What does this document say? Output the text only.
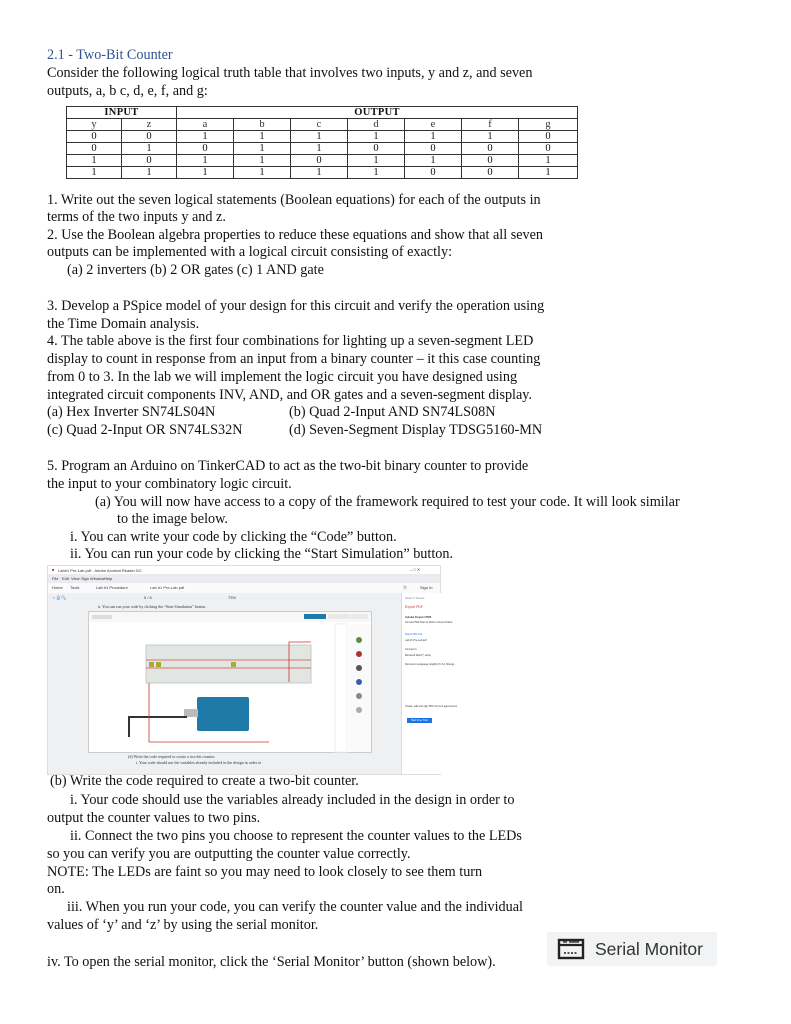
2.1 - Two-Bit Counter
Consider the following logical truth table that involves two inputs, y and z, and seven
outputs, a, b c, d, e, f, and g:
INPUT		OUTPUT						
y	z	a	b	c	d	e	f	g
0	0	1	1	1	1	1	1	0
0	1	0	1	1	0	0	0	0
1	0	1	1	0	1	1	0	1
1	1	1	1	1	1	0	0	1
1. Write out the seven logical statements (Boolean equations) for each of the outputs in
terms of the two inputs y and z.
2. Use the Boolean algebra properties to reduce these equations and show that all seven
outputs can be implemented with a logical circuit consisting of exactly:
(a) 2 inverters (b) 2 OR gates (c) 1 AND gate
3. Develop a PSpice model of your design for this circuit and verify the operation using
the Time Domain analysis.
4. The table above is the first four combinations for lighting up a seven-segment LED
display to count in response from an input from a binary counter – it this case counting
from 0 to 3. In the lab we will implement the logic circuit you have designed using
integrated circuit components INV, AND, and OR gates and a seven-segment display.
(a) Hex Inverter SN74LS04N	(b) Quad 2-Input AND SN74LS08N
(c) Quad 2-Input OR SN74LS32N	(d) Seven-Segment Display TDSG5160-MN
5. Program an Arduino on TinkerCAD to act as the two-bit binary counter to provide
the input to your combinatory logic circuit.
(a) You will now have access to a copy of the framework required to test your code. It will look similar
to the image below.
i. You can write your code by clicking the “Code” button.
ii. You can run your code by clicking the “Start Simulation” button.
■ Lab#1 Pre-Lab.pdf - Adobe Acrobat Reader DC	– □ ✕
File Edit View Sign Window Help
Home Tools	Lab #1 Procedure	Lab #1 Pre-Lab.pdf	⓪	Sign In
☆ ⎙ 🔍	5 / 6	73%
ii. You can run your code by clicking the “Start Simulation” button.
(d) Write the code required to create a two-bit counter.
i. Your code should use the variables already included in the design in order to
Search 'Sweet'
Export PDF
Adobe Export PDF
Convert PDF Files to Word or Excel Online
Select PDF File
Lab #1 Pre-Lab.pdf
Convert to
Microsoft Word (*.docx)
Document Language: English (U.S.) Change
Create, edit and sign PDF forms & agreements
Start Free Trial
(b) Write the code required to create a two-bit counter.
i. Your code should use the variables already included in the design in order to
output the counter values to two pins.
ii. Connect the two pins you choose to represent the counter values to the LEDs
so you can verify you are outputting the counter value correctly.
NOTE: The LEDs are faint so you may need to look closely to see them turn
on.
iii. When you run your code, you can verify the counter value and the individual
values of ‘y’ and ‘z’ by using the serial monitor.
iv. To open the serial monitor, click the ‘Serial Monitor’ button (shown below).
Serial Monitor
